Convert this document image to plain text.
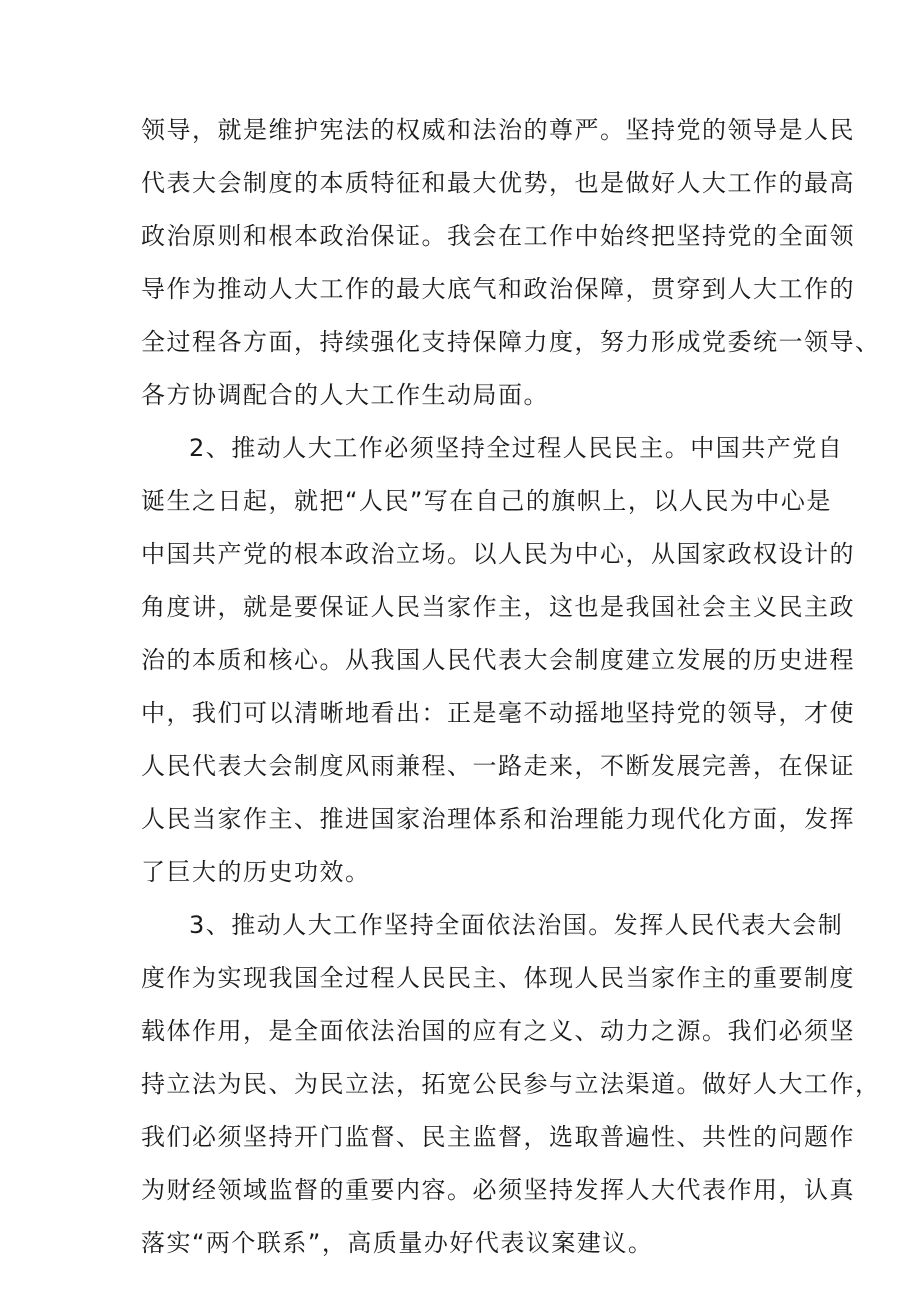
领导，就是维护宪法的权威和法治的尊严。坚持党的领导是人民
代表大会制度的本质特征和最大优势，也是做好人大工作的最高
政治原则和根本政治保证。我会在工作中始终把坚持党的全面领
导作为推动人大工作的最大底气和政治保障，贯穿到人大工作的
全过程各方面，持续强化支持保障力度，努力形成党委统一领导、
各方协调配合的人大工作生动局面。
2、推动人大工作必须坚持全过程人民民主。中国共产党自
诞生之日起，就把“人民”写在自己的旗帜上，以人民为中心是
中国共产党的根本政治立场。以人民为中心，从国家政权设计的
角度讲，就是要保证人民当家作主，这也是我国社会主义民主政
治的本质和核心。从我国人民代表大会制度建立发展的历史进程
中，我们可以清晰地看出：正是毫不动摇地坚持党的领导，才使
人民代表大会制度风雨兼程、一路走来，不断发展完善，在保证
人民当家作主、推进国家治理体系和治理能力现代化方面，发挥
了巨大的历史功效。
3、推动人大工作坚持全面依法治国。发挥人民代表大会制
度作为实现我国全过程人民民主、体现人民当家作主的重要制度
载体作用，是全面依法治国的应有之义、动力之源。我们必须坚
持立法为民、为民立法，拓宽公民参与立法渠道。做好人大工作，
我们必须坚持开门监督、民主监督，选取普遍性、共性的问题作
为财经领域监督的重要内容。必须坚持发挥人大代表作用，认真
落实“两个联系”，高质量办好代表议案建议。
